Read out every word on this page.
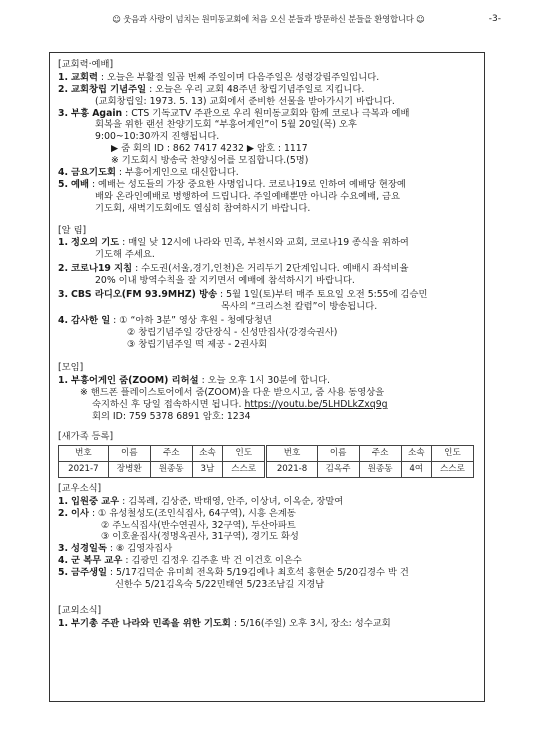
☺ 웃음과 사랑이 넘치는 원미동교회에 처음 오신 분들과 방문하신 분들을 환영합니다 ☺	-3-
[교회력·예배]
1. 교회력 : 오늘은 부활절 일곱 번째 주일이며 다음주일은 성령강림주일입니다.
2. 교회창립 기념주일 : 오늘은 우리 교회 48주년 창립기념주일로 지킵니다.
(교회창립일: 1973. 5. 13) 교회에서 준비한 선물을 받아가시기 바랍니다.
3. 부흥 Again : CTS 기독교TV 주관으로 우리 원미동교회와 함께 코로나 극복과 예배
회복을 위한 랜선 찬양기도회 “부흥어게인”이 5월 20일(목) 오후
9:00~10:30까지 진행됩니다.
▶ 줌 회의 ID : 862 7417 4232 ▶ 암호 : 1117
※ 기도회시 방송국 찬양싱어를 모집합니다.(5명)
4. 금요기도회 : 부흥어게인으로 대신합니다.
5. 예배 : 예배는 성도들의 가장 중요한 사명입니다. 코로나19로 인하여 예배당 현장예
배와 온라인예배로 병행하여 드립니다. 주일예배뿐만 아니라 수요예배, 금요
기도회, 새벽기도회에도 열심히 참여하시기 바랍니다.
[알 림]
1. 정오의 기도 : 매일 낮 12시에 나라와 민족, 부천시와 교회, 코로나19 종식을 위하여
기도해 주세요.
2. 코로나19 지침 : 수도권(서울,경기,인천)은 거리두기 2단계입니다. 예배시 좌석비율
20% 이내 방역수칙을 잘 지키면서 예배에 참석하시기 바랍니다.
3. CBS 라디오(FM 93.9MHZ) 방송 : 5월 1일(토)부터 매주 토요일 오전 5:55에 김승민
목사의 “크리스천 칼럼”이 방송됩니다.
4. 감사한 일 : ① “아하 3분” 영상 후원 - 청예당청년
② 창립기념주일 강단장식 - 신성만집사(강경숙권사)
③ 창립기념주일 떡 제공 - 2권사회
[모임]
1. 부흥어게인 줌(ZOOM) 리허설 : 오늘 오후 1시 30분에 합니다.
※ 핸드폰 플레이스토어에서 줌(ZOOM)을 다운 받으시고, 줌 사용 동영상을
숙지하신 후 당일 접속하시면 됩니다. https://youtu.be/5LHDLkZxq9g
회의 ID: 759 5378 6891 암호: 1234
[새가족 등록]
번호	이름	주소	소속	인도	번호	이름	주소	소속	인도
2021-7	장병환	원종동	3남	스스로	2021-8	김옥주	원종동	4여	스스로
[교우소식]
1. 입원중 교우 : 김복례, 김상준, 박태영, 안주, 이상녀, 이옥순, 장말여
2. 이사 : ① 유성철성도(조인식집사, 64구역), 시흥 은계동
② 주노식집사(반수연권사, 32구역), 두산아파트
③ 이호윤집사(정명옥권사, 31구역), 경기도 화성
3. 성경일독 : ⑧ 김영자집사
4. 군 복무 교우 : 김광민 김정우 김주훈 박 건 이건호 이은수
5. 금주생일 : 5/17김덕순 유미희 전옥화 5/19김예나 최호석 홍현순 5/20김경수 박 건
신한수 5/21김옥숙 5/22민태연 5/23조남길 지경남
[교외소식]
1. 부기총 주관 나라와 민족을 위한 기도회 : 5/16(주일) 오후 3시, 장소: 성수교회
